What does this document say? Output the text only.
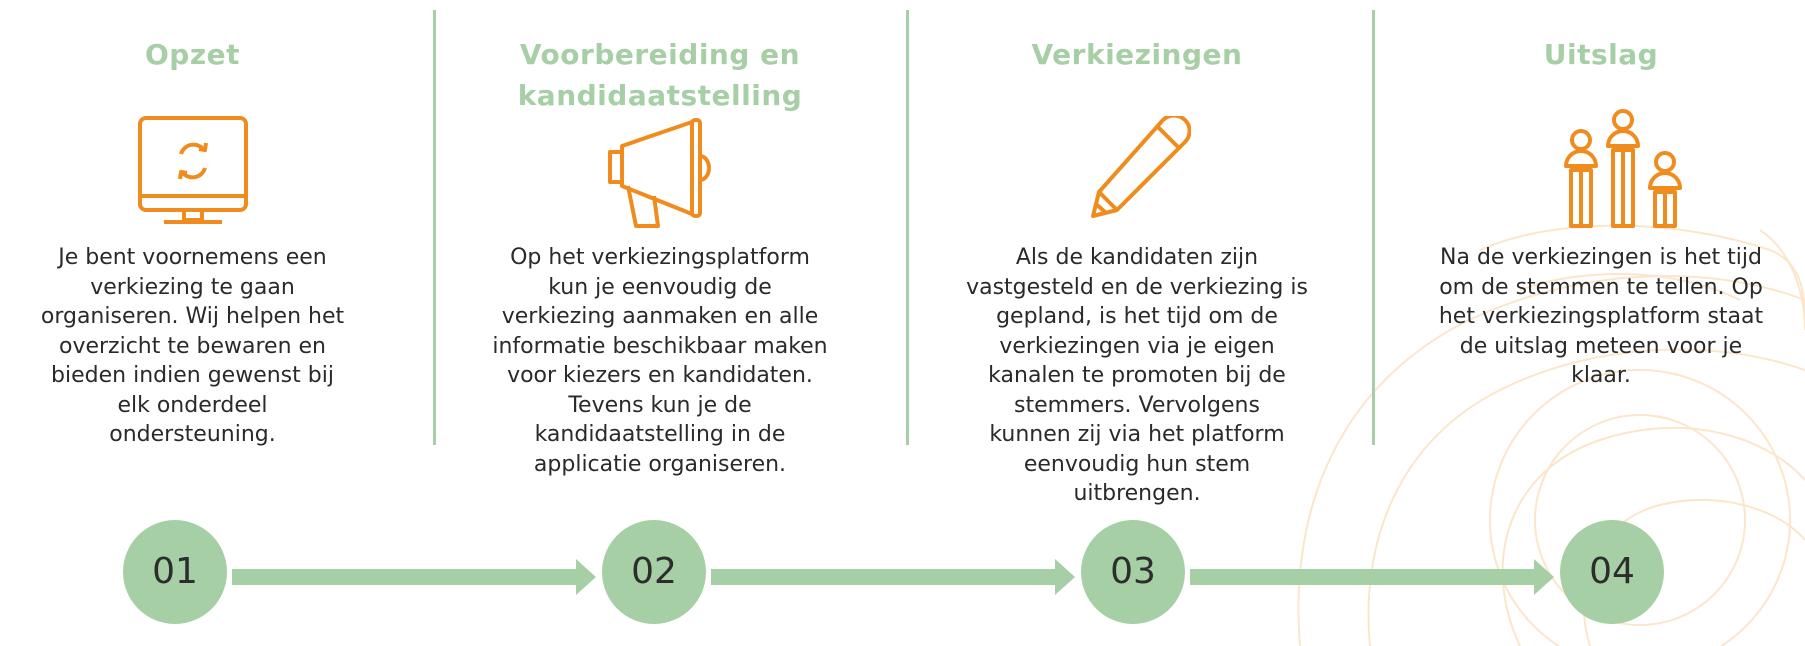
Opzet
Je bent voornemens een
verkiezing te gaan
organiseren. Wij helpen het
overzicht te bewaren en
bieden indien gewenst bij
elk onderdeel
ondersteuning.
Voorbereiding en
kandidaatstelling
Op het verkiezingsplatform
kun je eenvoudig de
verkiezing aanmaken en alle
informatie beschikbaar maken
voor kiezers en kandidaten.
Tevens kun je de
kandidaatstelling in de
applicatie organiseren.
Verkiezingen
Als de kandidaten zijn
vastgesteld en de verkiezing is
gepland, is het tijd om de
verkiezingen via je eigen
kanalen te promoten bij de
stemmers. Vervolgens
kunnen zij via het platform
eenvoudig hun stem
uitbrengen.
Uitslag
Na de verkiezingen is het tijd
om de stemmen te tellen. Op
het verkiezingsplatform staat
de uitslag meteen voor je
klaar.
01	02	03	04
